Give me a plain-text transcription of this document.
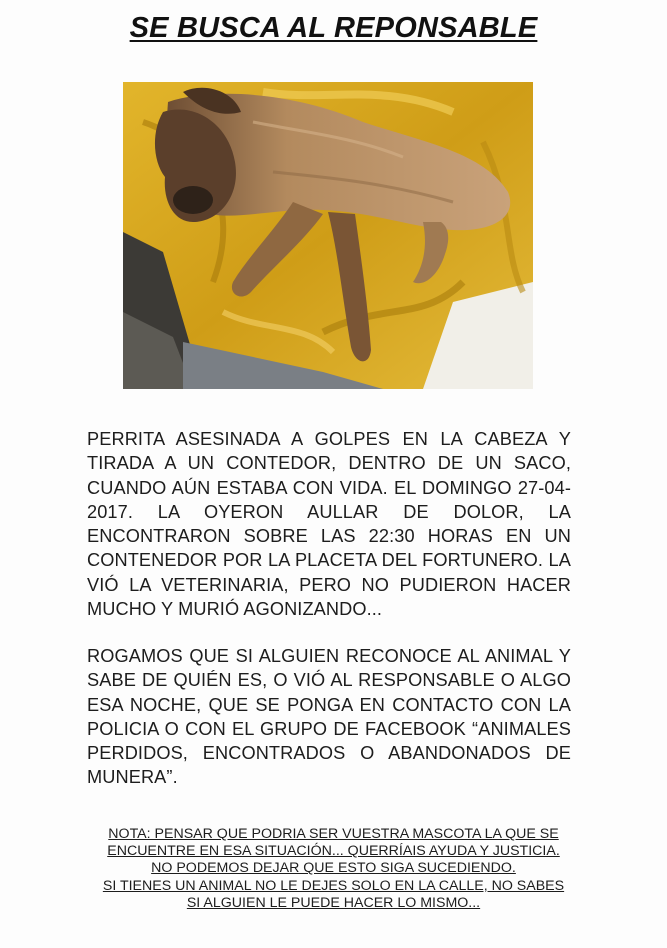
SE BUSCA AL REPONSABLE

PERRITA ASESINADA A GOLPES EN LA CABEZA Y TIRADA A UN CONTEDOR, DENTRO DE UN SACO, CUANDO AÚN ESTABA CON VIDA. EL DOMINGO 27-04-2017. LA OYERON AULLAR DE DOLOR, LA ENCONTRARON SOBRE LAS 22:30 HORAS EN UN CONTENEDOR POR LA PLACETA DEL FORTUNERO. LA VIÓ LA VETERINARIA, PERO NO PUDIERON HACER MUCHO Y MURIÓ AGONIZANDO...

ROGAMOS QUE SI ALGUIEN RECONOCE AL ANIMAL Y SABE DE QUIÉN ES, O VIÓ AL RESPONSABLE O ALGO ESA NOCHE, QUE SE PONGA EN CONTACTO CON LA POLICIA O CON EL GRUPO DE FACEBOOK “ANIMALES PERDIDOS, ENCONTRADOS O ABANDONADOS DE MUNERA”.

NOTA: PENSAR QUE PODRIA SER VUESTRA MASCOTA LA QUE SE
ENCUENTRE EN ESA SITUACIÓN... QUERRÍAIS AYUDA Y JUSTICIA.
NO PODEMOS DEJAR QUE ESTO SIGA SUCEDIENDO.
SI TIENES UN ANIMAL NO LE DEJES SOLO EN LA CALLE, NO SABES
SI ALGUIEN LE PUEDE HACER LO MISMO...
